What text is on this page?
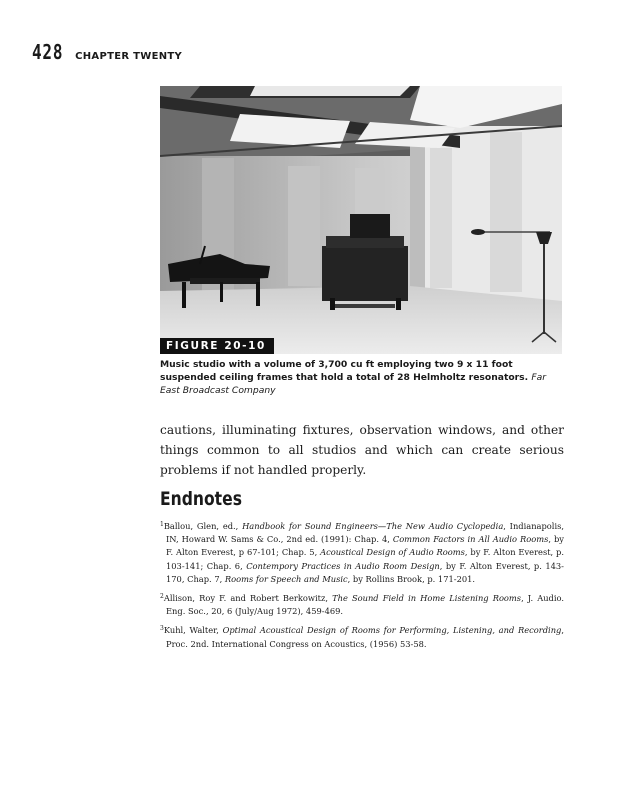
428 CHAPTER TWENTY
FIGURE 20-10
Music studio with a volume of 3,700 cu ft employing two 9 x 11 foot suspended ceiling frames that hold a total of 28 Helmholtz resonators. Far East Broadcast Company
cautions, illuminating fixtures, observation windows, and other things common to all studios and which can create serious problems if not handled properly.
Endnotes

$^1$Ballou, Glen, ed., Handbook for Sound Engineers—The New Audio Cyclopedia, Indianapolis, IN, Howard W. Sams & Co., 2nd ed. (1991): Chap. 4, Common Factors in All Audio Rooms, by F. Alton Everest, p 67-101; Chap. 5, Acoustical Design of Audio Rooms, by F. Alton Everest, p. 103-141; Chap. 6, Contempory Practices in Audio Room Design, by F. Alton Everest, p. 143-170, Chap. 7, Rooms for Speech and Music, by Rollins Brook, p. 171-201.

$^2$Allison, Roy F. and Robert Berkowitz, The Sound Field in Home Listening Rooms, J. Audio. Eng. Soc., 20, 6 (July/Aug 1972), 459-469.

$^3$Kuhl, Walter, Optimal Acoustical Design of Rooms for Performing, Listening, and Recording, Proc. 2nd. International Congress on Acoustics, (1956) 53-58.
